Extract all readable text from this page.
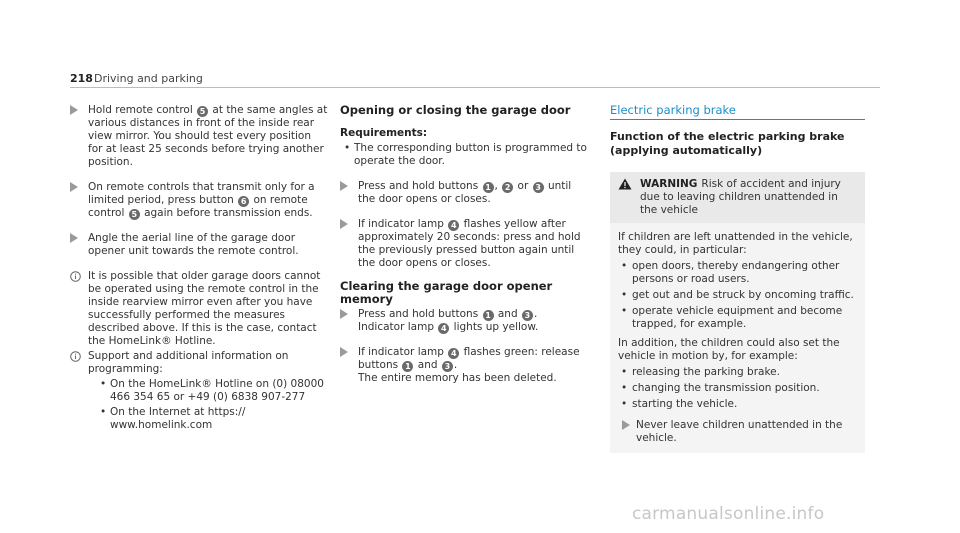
218 Driving and parking
Hold remote control 5 at the same angles at various distances in front of the inside rear view mirror. You should test every position for at least 25 seconds before trying another position.
On remote controls that transmit only for a limited period, press button 6 on remote control 5 again before transmission ends.
Angle the aerial line of the garage door opener unit towards the remote control.
It is possible that older garage doors cannot be operated using the remote control in the inside rearview mirror even after you have successfully performed the measures described above. If this is the case, contact the HomeLink® Hotline.
Support and additional information on programming:
• On the HomeLink® Hotline on (0) 08000 466 354 65 or +49 (0) 6838 907-277
• On the Internet at https:// www.homelink.com
Opening or closing the garage door
Requirements:
• The corresponding button is programmed to operate the door.
Press and hold buttons 1 , 2 or 3 until the door opens or closes.
If indicator lamp 4 flashes yellow after approximately 20 seconds: press and hold the previously pressed button again until the door opens or closes.
Clearing the garage door opener memory
Press and hold buttons 1 and 3 .
Indicator lamp 4 lights up yellow.
If indicator lamp 4 flashes green: release buttons 1 and 3 .
The entire memory has been deleted.
Electric parking brake
Function of the electric parking brake (applying automatically)
WARNING Risk of accident and injury due to leaving children unattended in the vehicle

If children are left unattended in the vehicle, they could, in particular:

• open doors, thereby endangering other persons or road users.
• get out and be struck by oncoming traffic.
• operate vehicle equipment and become trapped, for example.

In addition, the children could also set the vehicle in motion by, for example:

• releasing the parking brake.
• changing the transmission position.
• starting the vehicle.
Never leave children unattended in the vehicle.
carmanualsonline.info
